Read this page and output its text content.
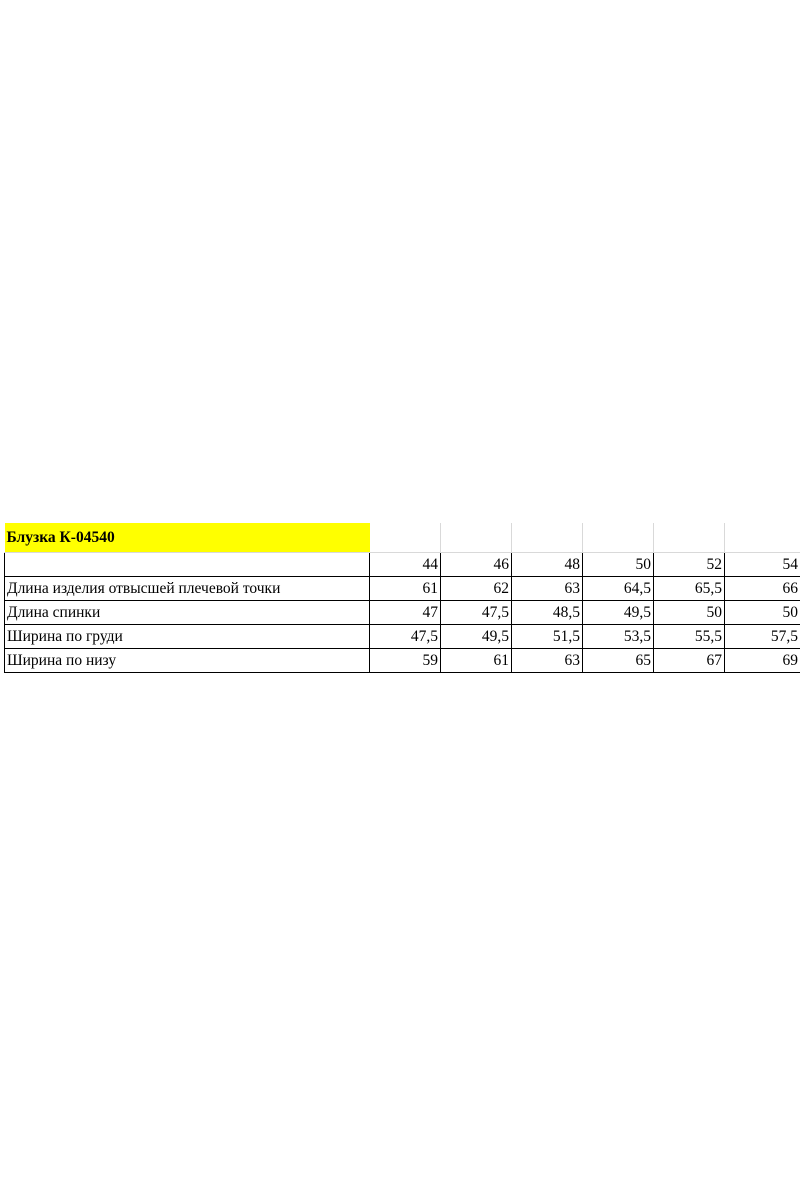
Блузка К-04540						
	44	46	48	50	52	54
Длина изделия отвысшей плечевой точки	61	62	63	64,5	65,5	66
Длина спинки	47	47,5	48,5	49,5	50	50
Ширина по груди	47,5	49,5	51,5	53,5	55,5	57,5
Ширина по низу	59	61	63	65	67	69
